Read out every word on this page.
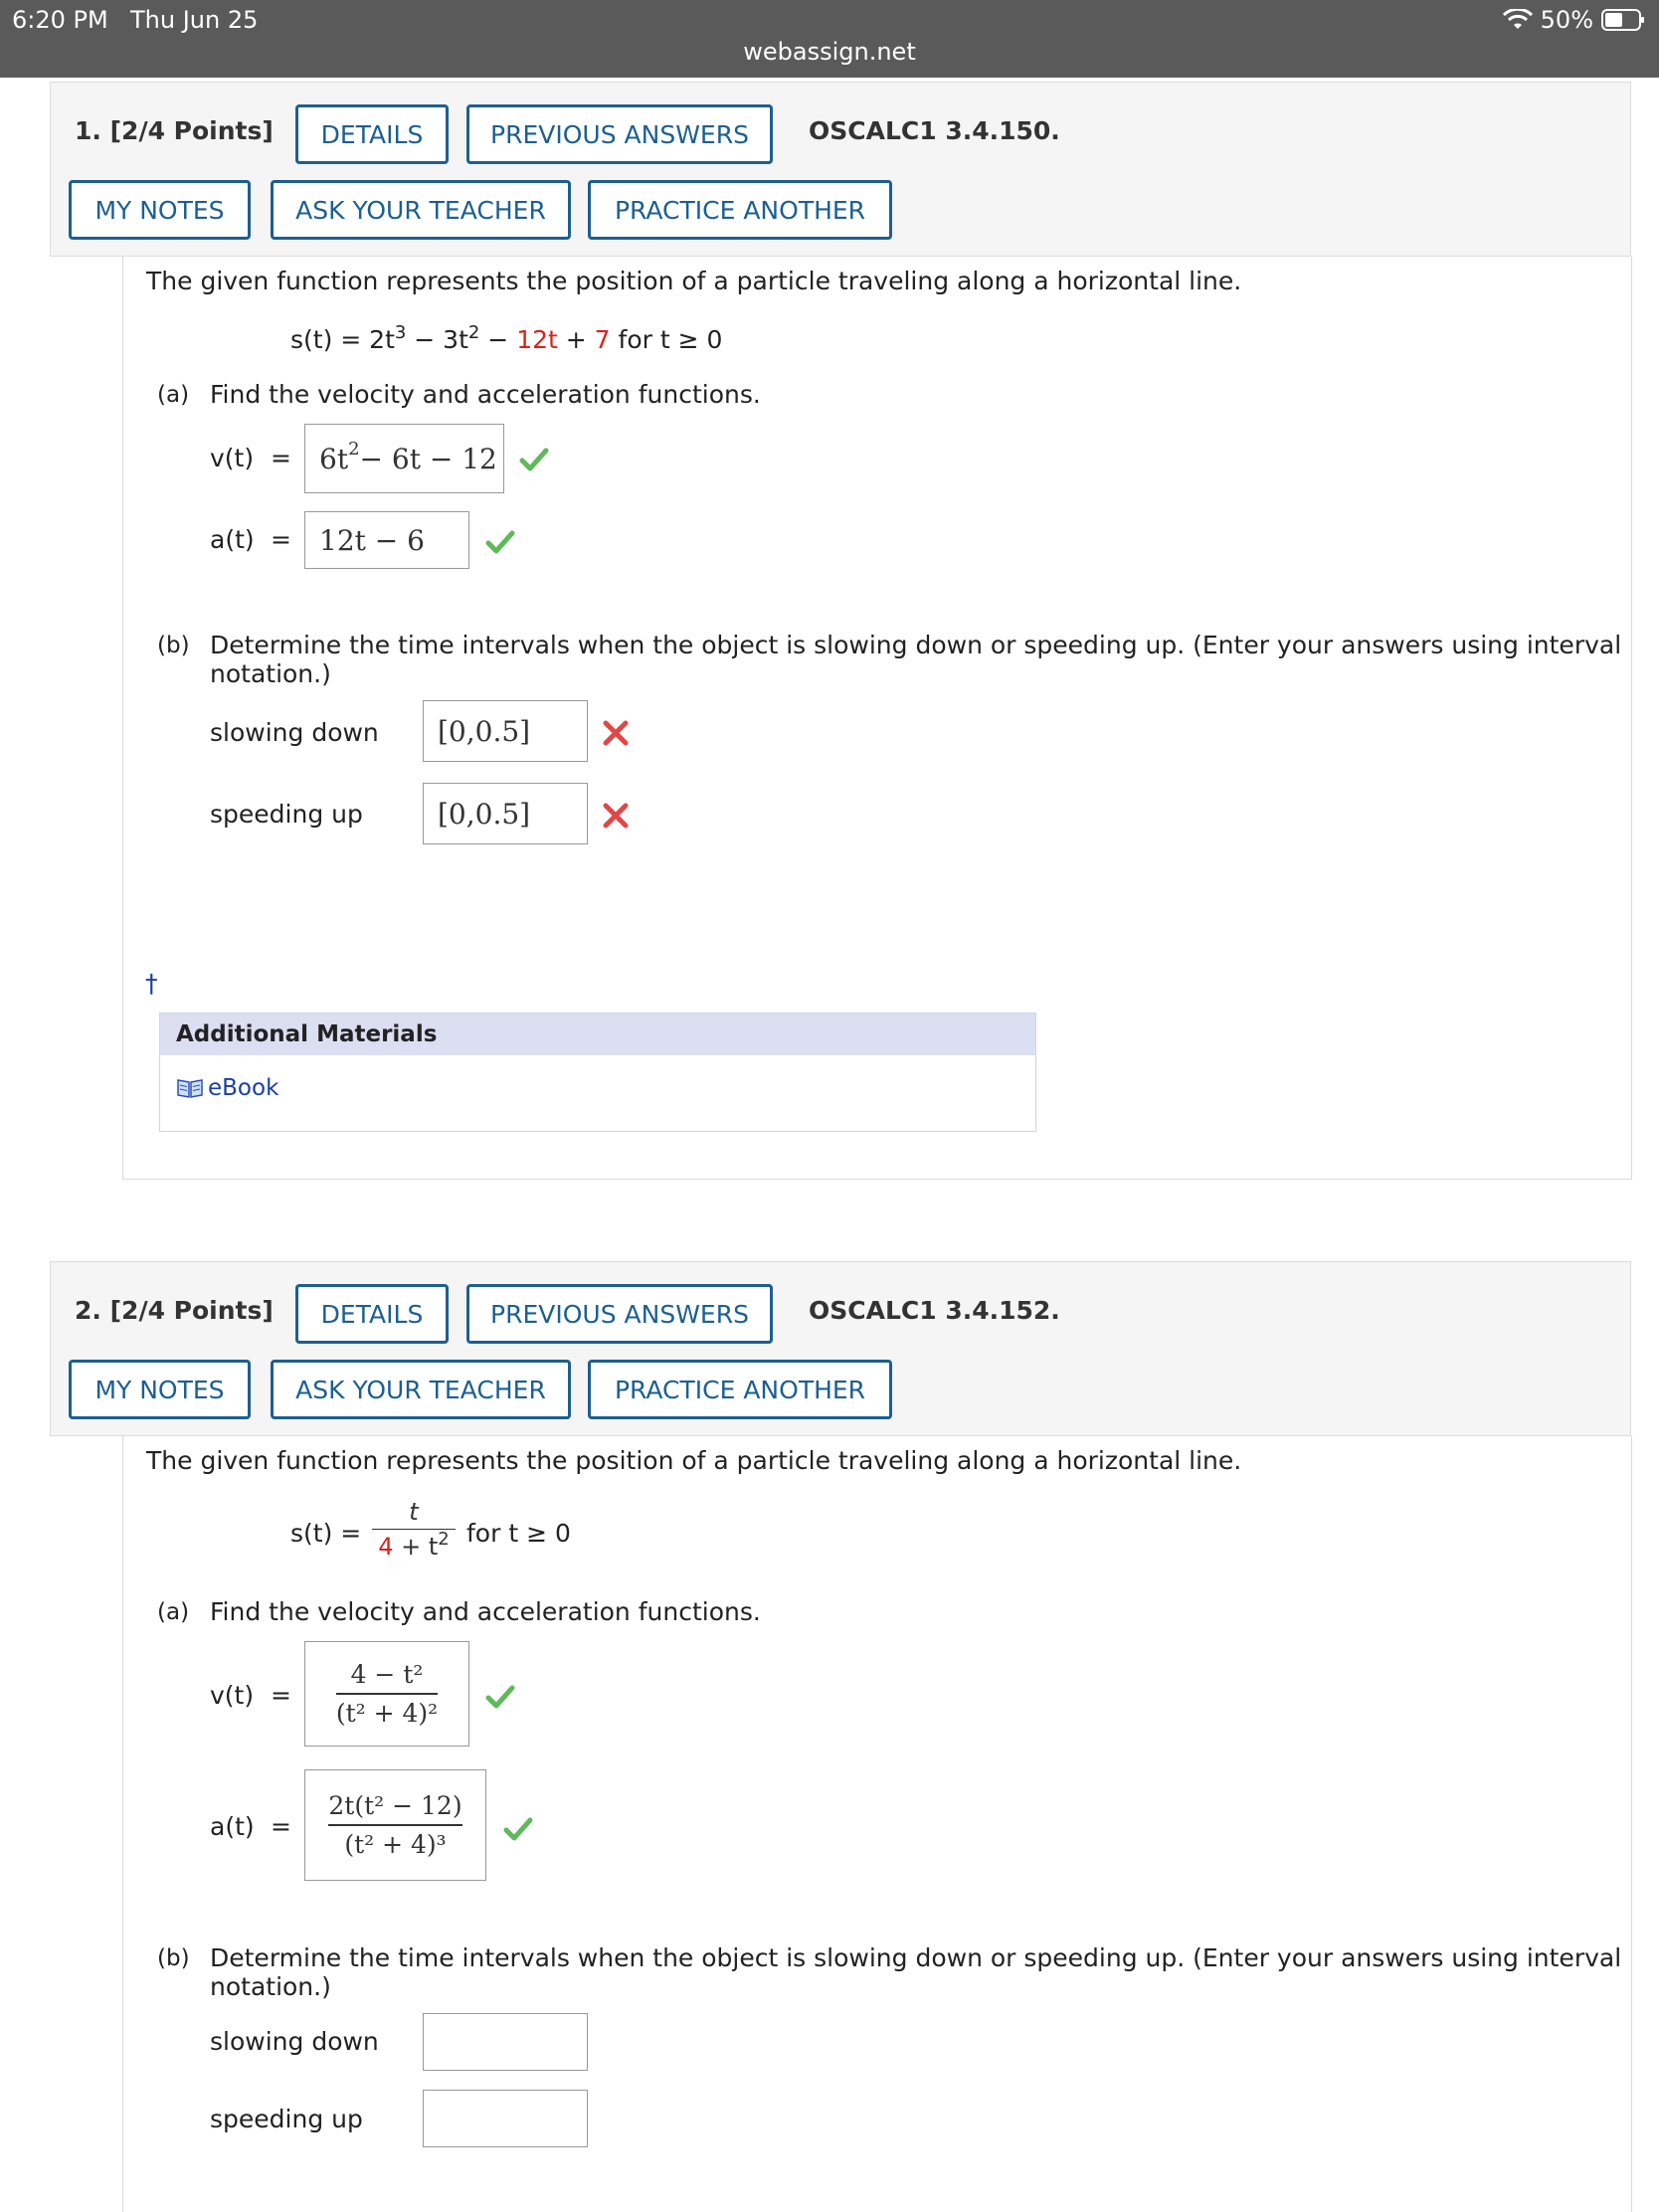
6:20 PM Thu Jun 25
webassign.net
50%
1. [2/4 Points]	DETAILS	PREVIOUS ANSWERS	OSCALC1 3.4.150.
MY NOTES	ASK YOUR TEACHER	PRACTICE ANOTHER
The given function represents the position of a particle traveling along a horizontal line.
$s(t) = 2t^3 - 3t^2 - 12t + 7$ for t ≥ 0
(a) Find the velocity and acceleration functions.
$v(t) = 6t^2 - 6t - 12$
a(t) =	12t − 6
(b) Determine the time intervals when the object is slowing down or speeding up. (Enter your answers using interval
notation.)
slowing down	[0,0.5]
speeding up	[0,0.5]
†
Additional Materials
eBook
2. [2/4 Points]	DETAILS	PREVIOUS ANSWERS	OSCALC1 3.4.152.
MY NOTES	ASK YOUR TEACHER	PRACTICE ANOTHER
The given function represents the position of a particle traveling along a horizontal line.
s(t) =
t
$4 + t^2$ for t ≥ 0
(a) Find the velocity and acceleration functions.
v(t) =
4 − t²
(t² + 4)²
a(t) =
2t(t² − 12)
(t² + 4)³
(b) Determine the time intervals when the object is slowing down or speeding up. (Enter your answers using interval
notation.)
slowing down
speeding up
